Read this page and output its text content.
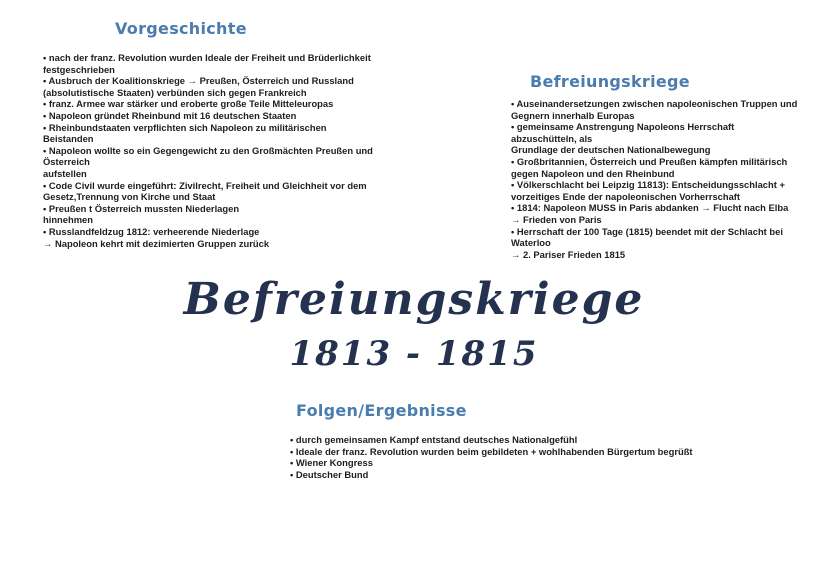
Vorgeschichte
• nach der franz. Revolution wurden Ideale der Freiheit und Brüderlichkeit
festgeschrieben
• Ausbruch der Koalitionskriege → Preußen, Österreich und Russland
(absolutistische Staaten) verbünden sich gegen Frankreich
• franz. Armee war stärker und eroberte große Teile Mitteleuropas
• Napoleon gründet Rheinbund mit 16 deutschen Staaten
• Rheinbundstaaten verpflichten sich Napoleon zu militärischen
Beistanden
• Napoleon wollte so ein Gegengewicht zu den Großmächten Preußen und
Österreich
aufstellen
• Code Civil wurde eingeführt: Zivilrecht, Freiheit und Gleichheit vor dem
Gesetz,Trennung von Kirche und Staat
• Preußen t Österreich mussten Niederlagen
hinnehmen
• Russlandfeldzug 1812: verheerende Niederlage
→ Napoleon kehrt mit dezimierten Gruppen zurück
Befreiungskriege
• Auseinandersetzungen zwischen napoleonischen Truppen und
Gegnern innerhalb Europas
• gemeinsame Anstrengung Napoleons Herrschaft
abzuschütteln, als
Grundlage der deutschen Nationalbewegung
• Großbritannien, Österreich und Preußen kämpfen militärisch
gegen Napoleon und den Rheinbund
• Völkerschlacht bei Leipzig 11813): Entscheidungsschlacht +
vorzeitiges Ende der napoleonischen Vorherrschaft
• 1814: Napoleon MUSS in Paris abdanken → Flucht nach Elba
→ Frieden von Paris
• Herrschaft der 100 Tage (1815) beendet mit der Schlacht bei
Waterloo
→ 2. Pariser Frieden 1815
Befreiungskriege
1813 - 1815
Folgen/Ergebnisse
• durch gemeinsamen Kampf entstand deutsches Nationalgefühl
• Ideale der franz. Revolution wurden beim gebildeten + wohlhabenden Bürgertum begrüßt
• Wiener Kongress
• Deutscher Bund
